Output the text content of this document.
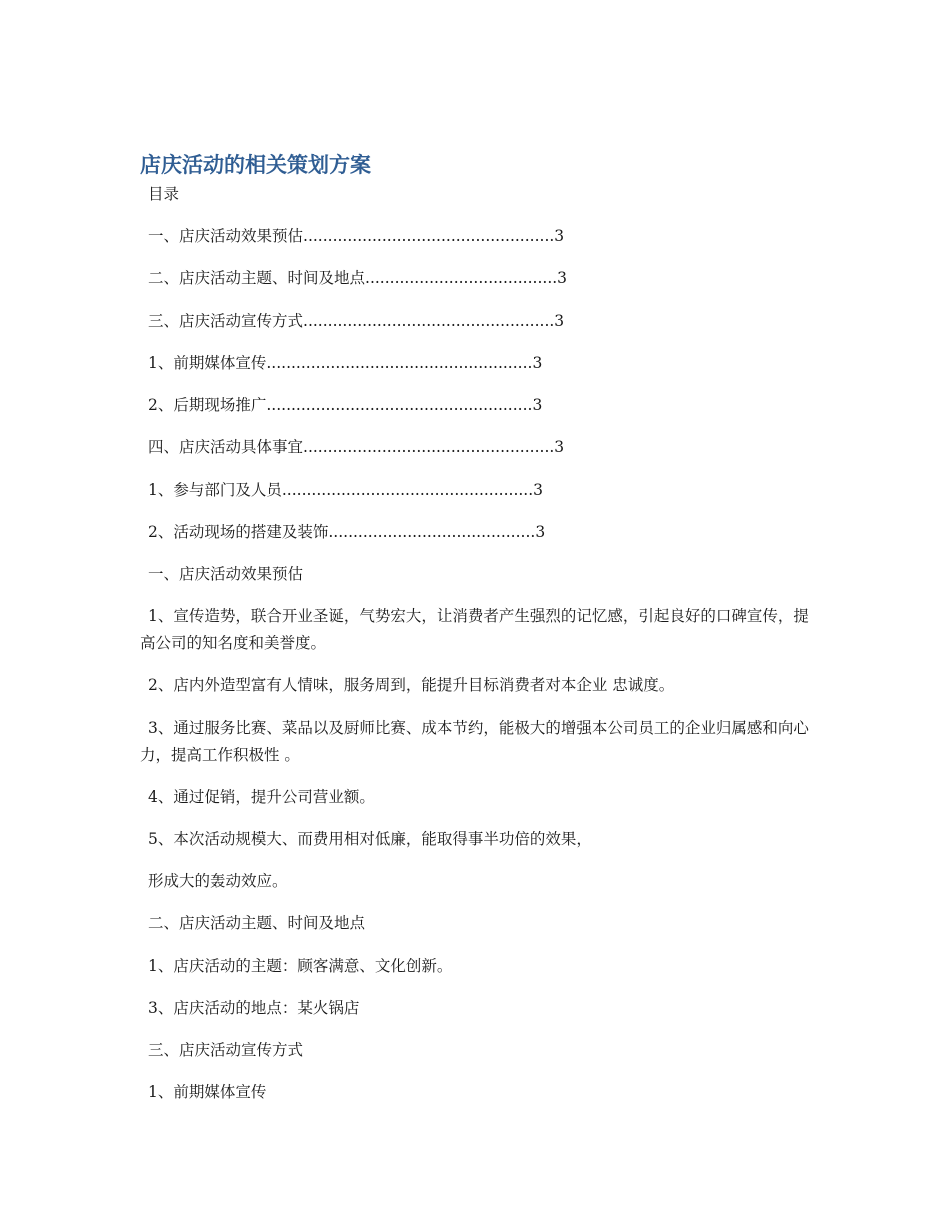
店庆活动的相关策划方案

目录

一、店庆活动效果预估...................................................3

二、店庆活动主题、时间及地点.......................................3

三、店庆活动宣传方式...................................................3

1、前期媒体宣传......................................................3

2、后期现场推广......................................................3

四、店庆活动具体事宜...................................................3

1、参与部门及人员...................................................3

2、活动现场的搭建及装饰..........................................3

一、店庆活动效果预估

1、宣传造势，联合开业圣诞，气势宏大，让消费者产生强烈的记忆感，引起良好的口碑宣传，提高公司的知名度和美誉度。

2、店内外造型富有人情味，服务周到，能提升目标消费者对本企业 忠诚度。

3、通过服务比赛、菜品以及厨师比赛、成本节约，能极大的增强本公司员工的企业归属感和向心力，提高工作积极性 。

4、通过促销，提升公司营业额。

5、本次活动规模大、而费用相对低廉，能取得事半功倍的效果，

形成大的轰动效应。

二、店庆活动主题、时间及地点

1、店庆活动的主题：顾客满意、文化创新。

3、店庆活动的地点：某火锅店

三、店庆活动宣传方式

1、前期媒体宣传
